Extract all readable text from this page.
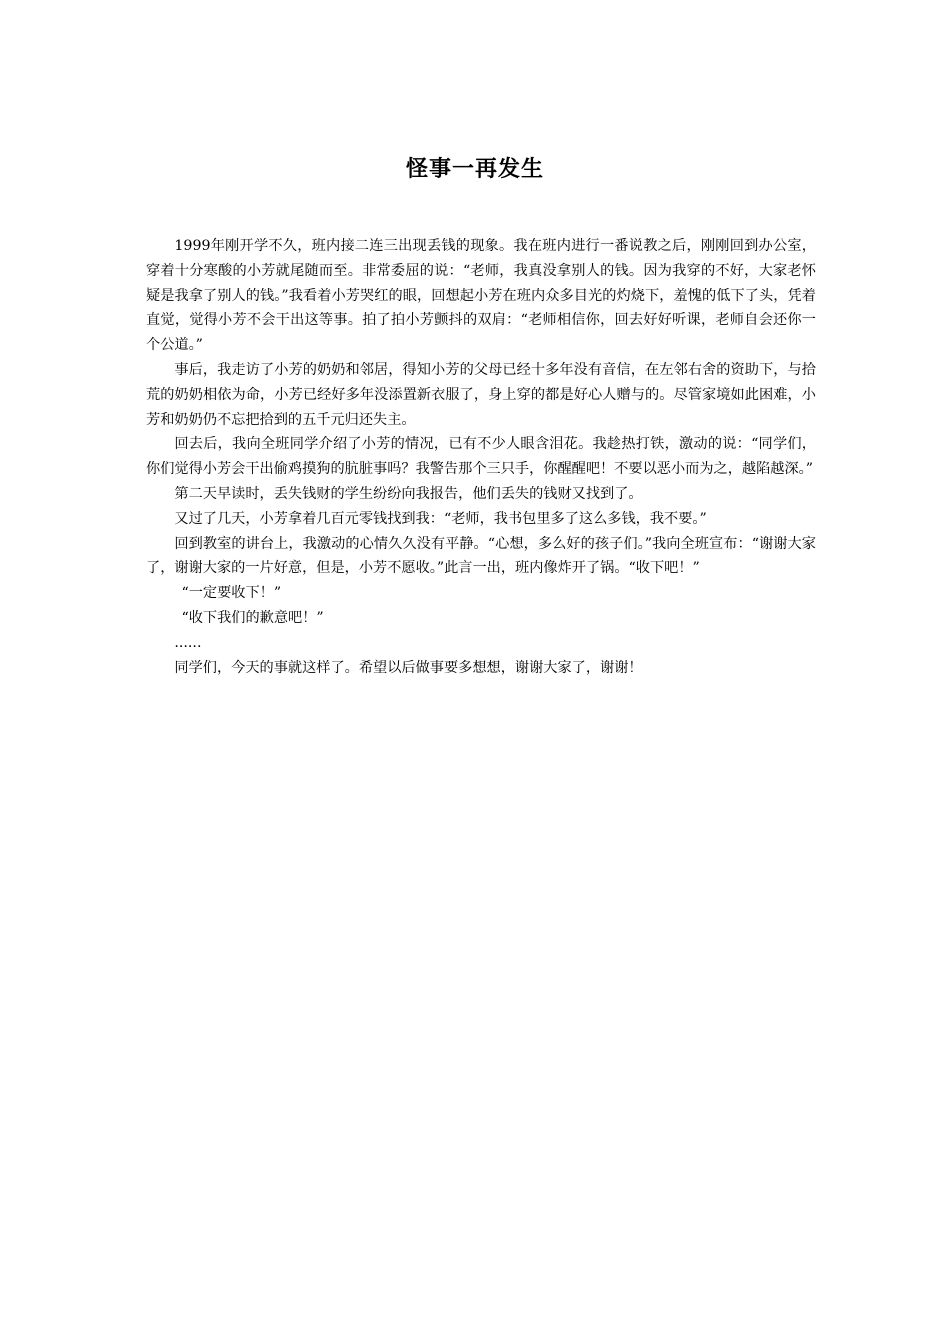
怪事一再发生

1999年刚开学不久，班内接二连三出现丢钱的现象。我在班内进行一番说教之后，刚刚回到办公室，穿着十分寒酸的小芳就尾随而至。非常委屈的说：“老师，我真没拿别人的钱。因为我穿的不好，大家老怀疑是我拿了别人的钱。”我看着小芳哭红的眼，回想起小芳在班内众多目光的灼烧下，羞愧的低下了头，凭着直觉，觉得小芳不会干出这等事。拍了拍小芳颤抖的双肩：“老师相信你，回去好好听课，老师自会还你一个公道。”

事后，我走访了小芳的奶奶和邻居，得知小芳的父母已经十多年没有音信，在左邻右舍的资助下，与拾荒的奶奶相依为命，小芳已经好多年没添置新衣服了，身上穿的都是好心人赠与的。尽管家境如此困难，小芳和奶奶仍不忘把拾到的五千元归还失主。

回去后，我向全班同学介绍了小芳的情况，已有不少人眼含泪花。我趁热打铁，激动的说：“同学们，你们觉得小芳会干出偷鸡摸狗的肮脏事吗？我警告那个三只手，你醒醒吧！不要以恶小而为之，越陷越深。”

第二天早读时，丢失钱财的学生纷纷向我报告，他们丢失的钱财又找到了。

又过了几天，小芳拿着几百元零钱找到我：“老师，我书包里多了这么多钱，我不要。”

回到教室的讲台上，我激动的心情久久没有平静。“心想，多么好的孩子们。”我向全班宣布：“谢谢大家了，谢谢大家的一片好意，但是，小芳不愿收。”此言一出，班内像炸开了锅。“收下吧！”

“一定要收下！”

“收下我们的歉意吧！”

......

同学们，今天的事就这样了。希望以后做事要多想想，谢谢大家了，谢谢！
